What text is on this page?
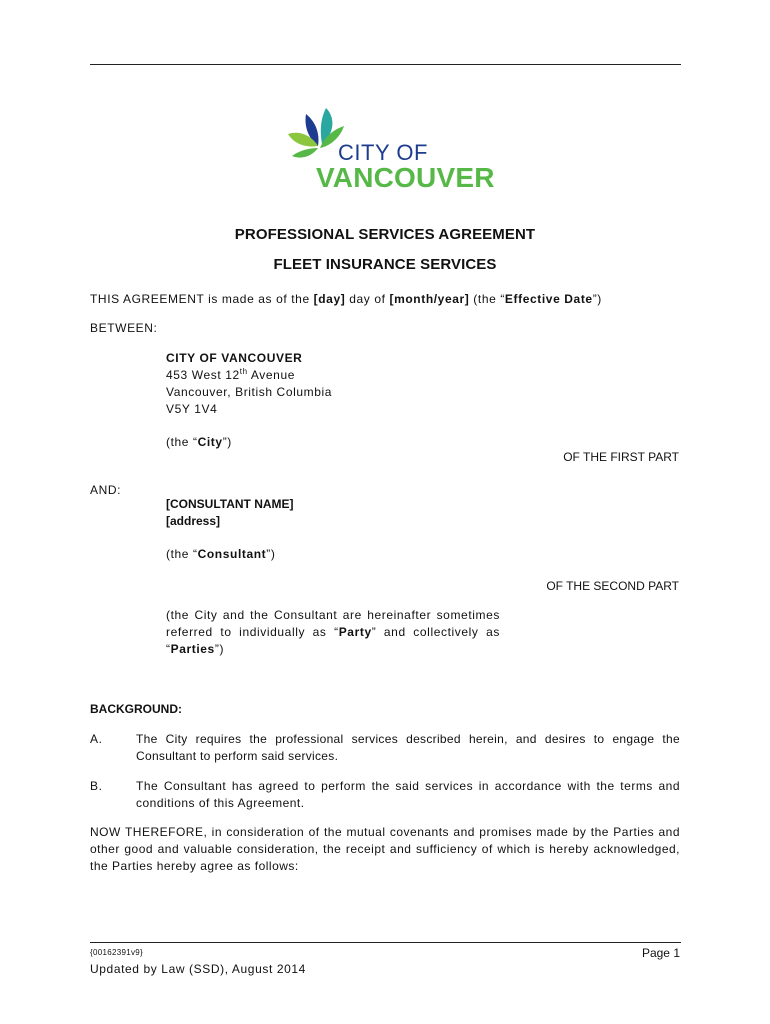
CITY OF
VANCOUVER
PROFESSIONAL SERVICES AGREEMENT
FLEET INSURANCE SERVICES
THIS AGREEMENT is made as of the [day] day of [month/year] (the “Effective Date”)
BETWEEN:
CITY OF VANCOUVER
453 West 12th Avenue
Vancouver, British Columbia
V5Y 1V4
(the “City”)
OF THE FIRST PART
AND:
[CONSULTANT NAME]
[address]
(the “Consultant”)
OF THE SECOND PART
(the City and the Consultant are hereinafter sometimes referred to individually as “Party” and collectively as “Parties”)
BACKGROUND:
A.	The City requires the professional services described herein, and desires to engage the Consultant to perform said services.
B.	The Consultant has agreed to perform the said services in accordance with the terms and conditions of this Agreement.
NOW THEREFORE, in consideration of the mutual covenants and promises made by the Parties and other good and valuable consideration, the receipt and sufficiency of which is hereby acknowledged, the Parties hereby agree as follows:
{00162391v9}	Page 1
Updated by Law (SSD), August 2014
